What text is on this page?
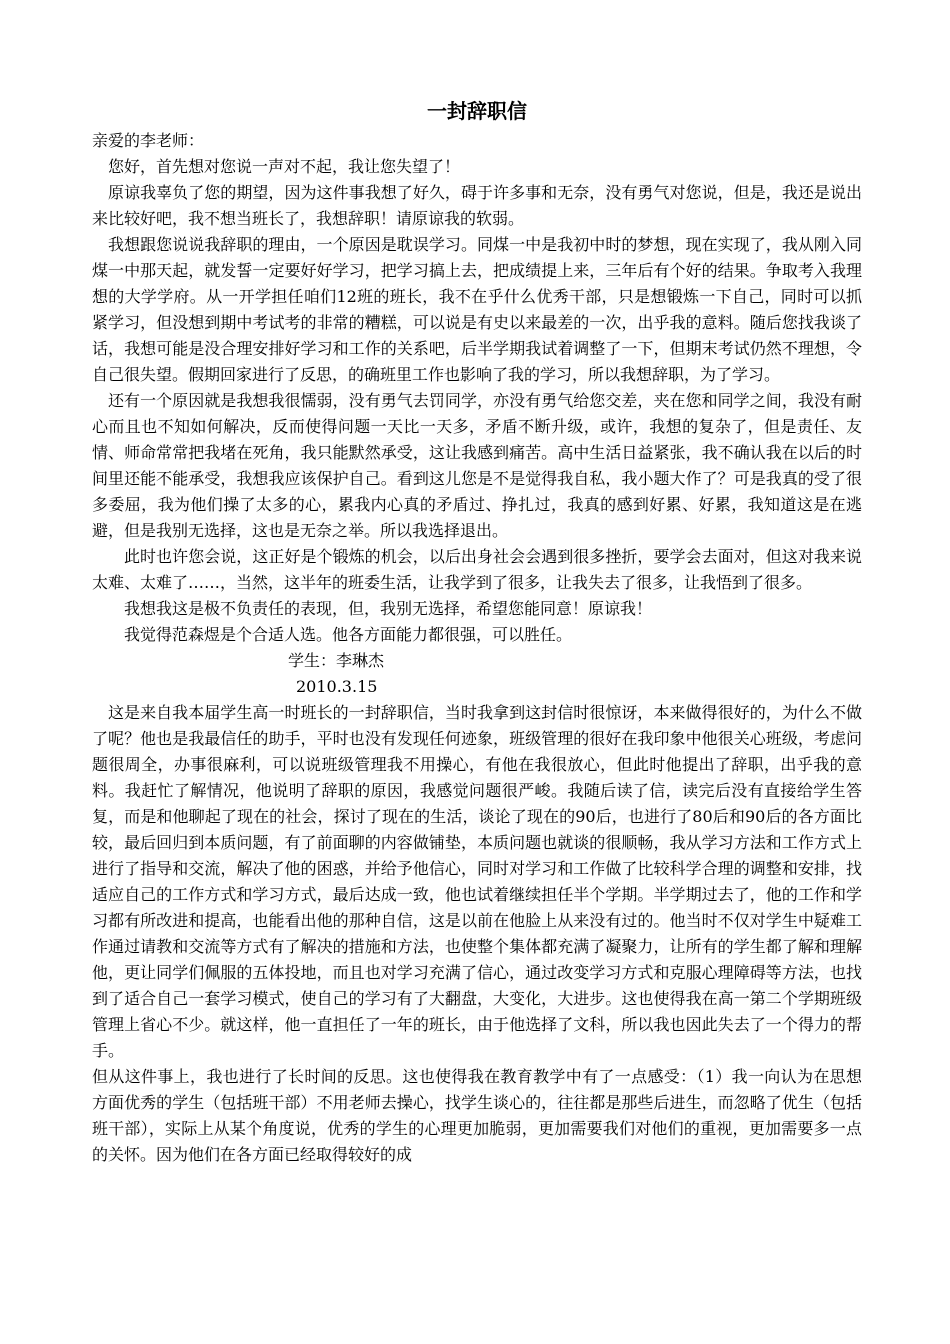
一封辞职信

亲爱的李老师：

您好，首先想对您说一声对不起，我让您失望了！

原谅我辜负了您的期望，因为这件事我想了好久，碍于许多事和无奈，没有勇气对您说，但是，我还是说出来比较好吧，我不想当班长了，我想辞职！请原谅我的软弱。

我想跟您说说我辞职的理由，一个原因是耽误学习。同煤一中是我初中时的梦想，现在实现了，我从刚入同煤一中那天起，就发誓一定要好好学习，把学习搞上去，把成绩提上来，三年后有个好的结果。争取考入我理想的大学学府。从一开学担任咱们12班的班长，我不在乎什么优秀干部，只是想锻炼一下自己，同时可以抓紧学习，但没想到期中考试考的非常的糟糕，可以说是有史以来最差的一次，出乎我的意料。随后您找我谈了话，我想可能是没合理安排好学习和工作的关系吧，后半学期我试着调整了一下，但期末考试仍然不理想，令自己很失望。假期回家进行了反思，的确班里工作也影响了我的学习，所以我想辞职，为了学习。

还有一个原因就是我想我很懦弱，没有勇气去罚同学，亦没有勇气给您交差，夹在您和同学之间，我没有耐心而且也不知如何解决，反而使得问题一天比一天多，矛盾不断升级，或许，我想的复杂了，但是责任、友情、师命常常把我堵在死角，我只能默然承受，这让我感到痛苦。高中生活日益紧张，我不确认我在以后的时间里还能不能承受，我想我应该保护自己。看到这儿您是不是觉得我自私，我小题大作了？可是我真的受了很多委屈，我为他们操了太多的心，累我内心真的矛盾过、挣扎过，我真的感到好累、好累，我知道这是在逃避，但是我别无选择，这也是无奈之举。所以我选择退出。

此时也许您会说，这正好是个锻炼的机会，以后出身社会会遇到很多挫折，要学会去面对，但这对我来说太难、太难了……，当然，这半年的班委生活，让我学到了很多，让我失去了很多，让我悟到了很多。

我想我这是极不负责任的表现，但，我别无选择，希望您能同意！原谅我！

我觉得范森煜是个合适人选。他各方面能力都很强，可以胜任。

学生：李琳杰

2010.3.15

这是来自我本届学生高一时班长的一封辞职信，当时我拿到这封信时很惊讶，本来做得很好的，为什么不做了呢？他也是我最信任的助手，平时也没有发现任何迹象，班级管理的很好在我印象中他很关心班级，考虑问题很周全，办事很麻利，可以说班级管理我不用操心，有他在我很放心，但此时他提出了辞职，出乎我的意料。我赶忙了解情况，他说明了辞职的原因，我感觉问题很严峻。我随后读了信，读完后没有直接给学生答复，而是和他聊起了现在的社会，探讨了现在的生活，谈论了现在的90后，也进行了80后和90后的各方面比较，最后回归到本质问题，有了前面聊的内容做铺垫，本质问题也就谈的很顺畅，我从学习方法和工作方式上进行了指导和交流，解决了他的困惑，并给予他信心，同时对学习和工作做了比较科学合理的调整和安排，找适应自己的工作方式和学习方式，最后达成一致，他也试着继续担任半个学期。半学期过去了，他的工作和学习都有所改进和提高，也能看出他的那种自信，这是以前在他脸上从来没有过的。他当时不仅对学生中疑难工作通过请教和交流等方式有了解决的措施和方法，也使整个集体都充满了凝聚力，让所有的学生都了解和理解他，更让同学们佩服的五体投地，而且也对学习充满了信心，通过改变学习方式和克服心理障碍等方法，也找到了适合自己一套学习模式，使自己的学习有了大翻盘，大变化，大进步。这也使得我在高一第二个学期班级管理上省心不少。就这样，他一直担任了一年的班长，由于他选择了文科，所以我也因此失去了一个得力的帮手。

但从这件事上，我也进行了长时间的反思。这也使得我在教育教学中有了一点感受：（1）我一向认为在思想方面优秀的学生（包括班干部）不用老师去操心，找学生谈心的，往往都是那些后进生，而忽略了优生（包括班干部），实际上从某个角度说，优秀的学生的心理更加脆弱，更加需要我们对他们的重视，更加需要多一点的关怀。因为他们在各方面已经取得较好的成
